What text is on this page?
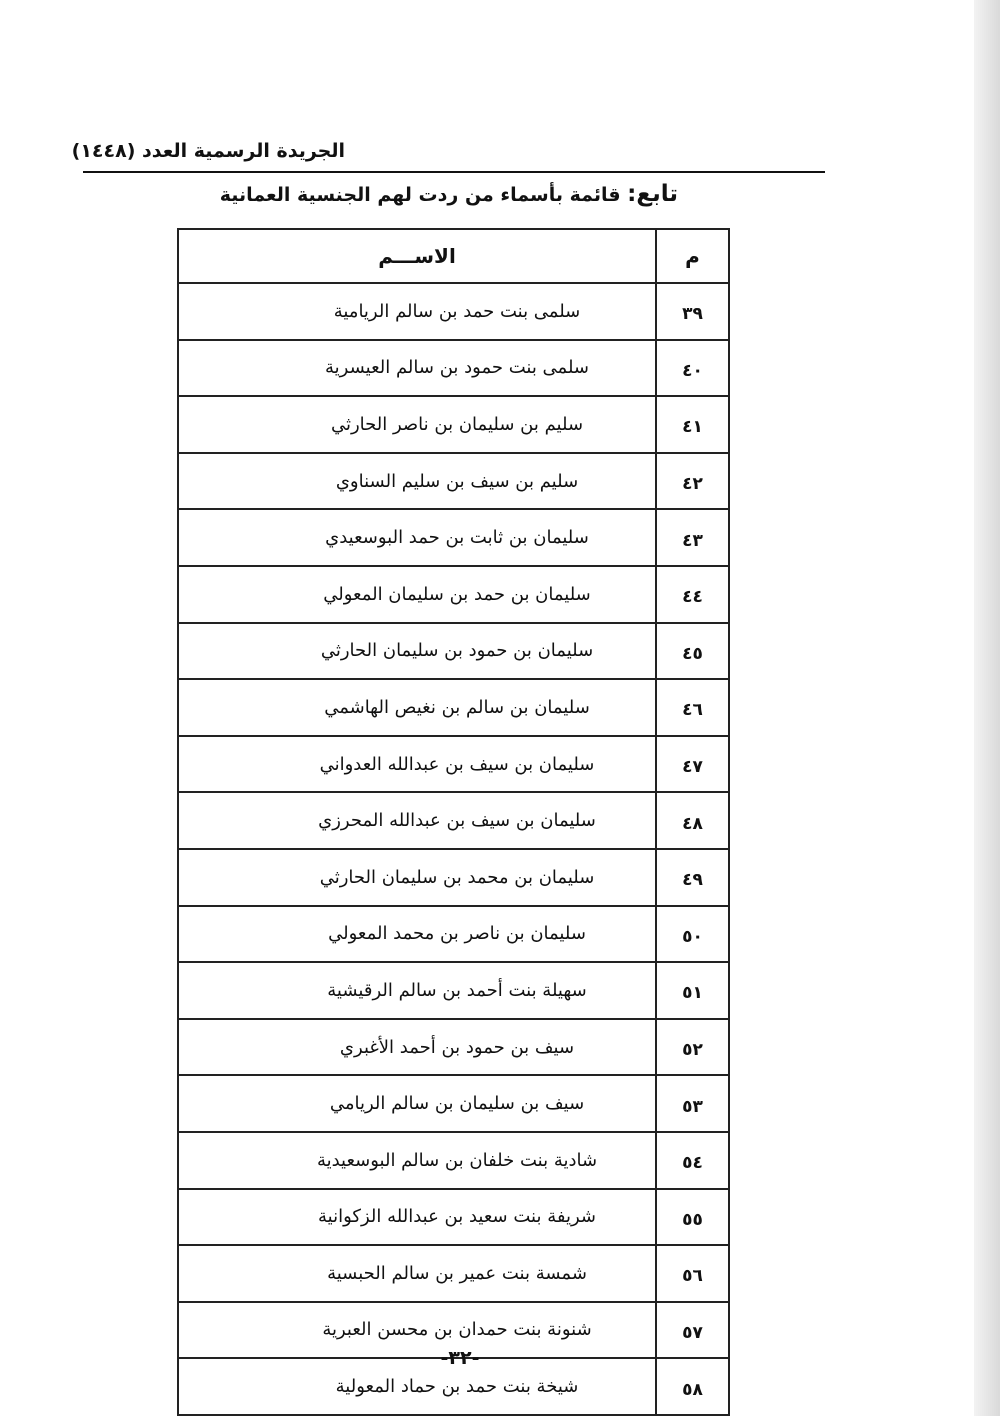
الجريدة الرسمية العدد (١٤٤٨)
تابع: قائمة بأسماء من ردت لهم الجنسية العمانية
م	الاســـم
٣٩	سلمى بنت حمد بن سالم الريامية
٤٠	سلمى بنت حمود بن سالم العيسرية
٤١	سليم بن سليمان بن ناصر الحارثي
٤٢	سليم بن سيف بن سليم السناوي
٤٣	سليمان بن ثابت بن حمد البوسعيدي
٤٤	سليمان بن حمد بن سليمان المعولي
٤٥	سليمان بن حمود بن سليمان الحارثي
٤٦	سليمان بن سالم بن نغيص الهاشمي
٤٧	سليمان بن سيف بن عبدالله العدواني
٤٨	سليمان بن سيف بن عبدالله المحرزي
٤٩	سليمان بن محمد بن سليمان الحارثي
٥٠	سليمان بن ناصر بن محمد المعولي
٥١	سهيلة بنت أحمد بن سالم الرقيشية
٥٢	سيف بن حمود بن أحمد الأغبري
٥٣	سيف بن سليمان بن سالم الريامي
٥٤	شادية بنت خلفان بن سالم البوسعيدية
٥٥	شريفة بنت سعيد بن عبدالله الزكوانية
٥٦	شمسة بنت عمير بن سالم الحبسية
٥٧	شنونة بنت حمدان بن محسن العبرية
٥٨	شيخة بنت حمد بن حماد المعولية
-٣٢-
